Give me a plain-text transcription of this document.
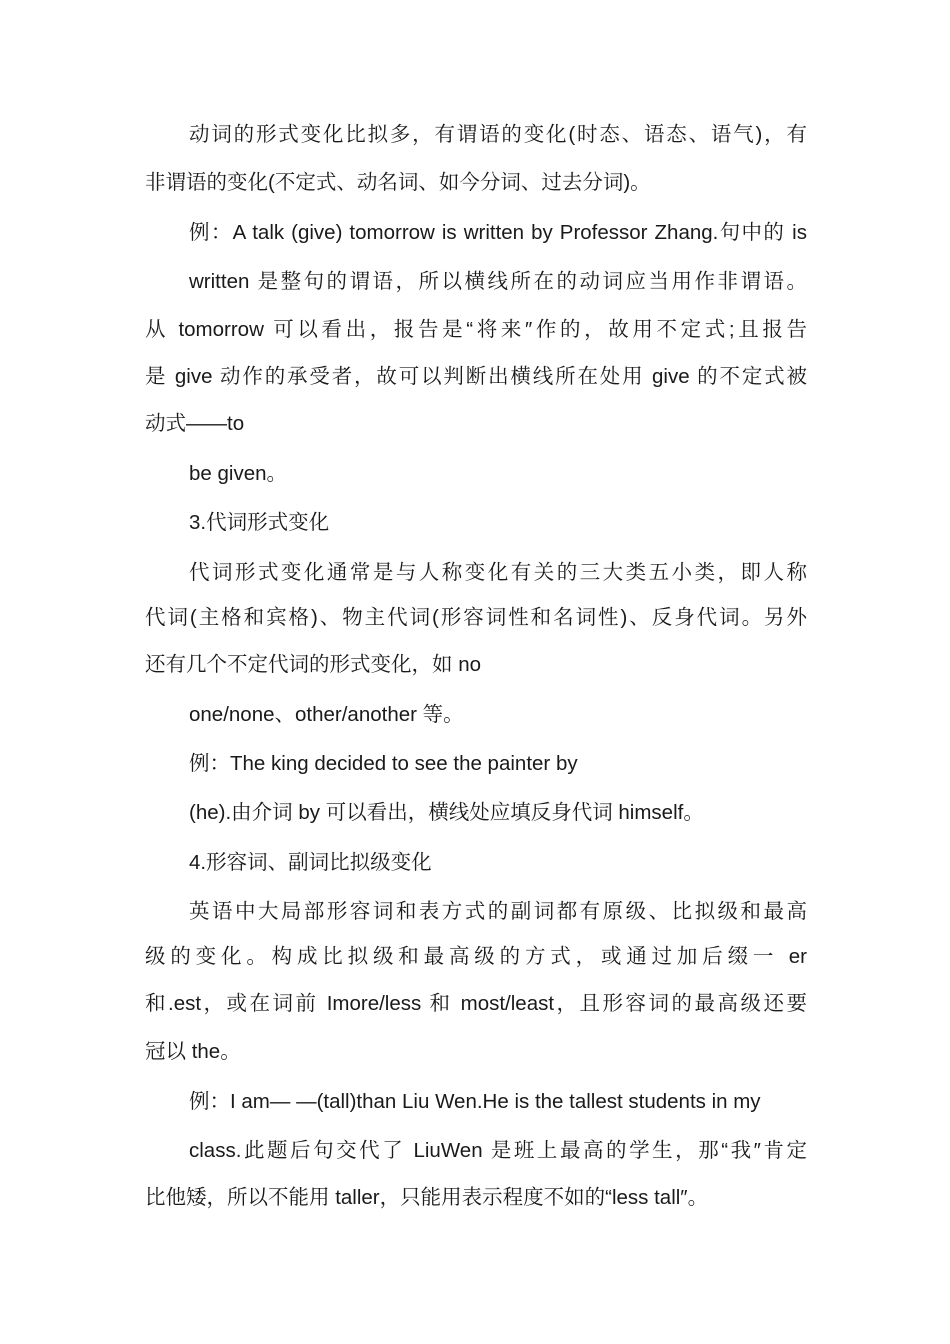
动词的形式变化比拟多，有谓语的变化(时态、语态、语气)，有

非谓语的变化(不定式、动名词、如今分词、过去分词)。

例：A talk (give) tomorrow is written by Professor Zhang.句中的 is

written 是整句的谓语，所以横线所在的动词应当用作非谓语。

从 tomorrow 可以看出，报告是“将来″作的，故用不定式;且报告

是 give 动作的承受者，故可以判断出横线所在处用 give 的不定式被

动式——to

be given。

3.代词形式变化

代词形式变化通常是与人称变化有关的三大类五小类，即人称

代词(主格和宾格)、物主代词(形容词性和名词性)、反身代词。另外

还有几个不定代词的形式变化，如 no

one/none、other/another 等。

例：The king decided to see the painter by

(he).由介词 by 可以看出，横线处应填反身代词 himself。

4.形容词、副词比拟级变化

英语中大局部形容词和表方式的副词都有原级、比拟级和最高

级的变化。构成比拟级和最高级的方式，或通过加后缀一 er

和.est，或在词前 Imore/less 和 most/least，且形容词的最高级还要

冠以 the。

例：I am— —(tall)than Liu Wen.He is the tallest students in my

class.此题后句交代了 LiuWen 是班上最高的学生，那“我″肯定

比他矮，所以不能用 taller，只能用表示程度不如的“less tall″。
